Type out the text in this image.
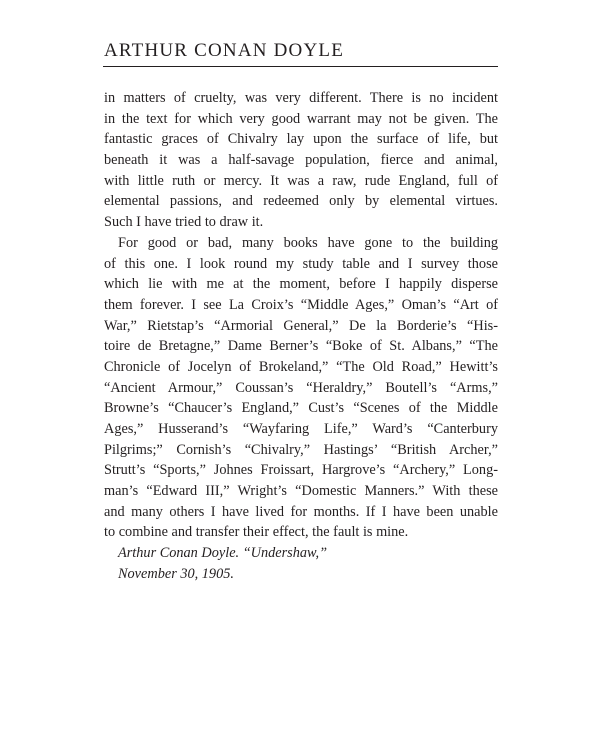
ARTHUR CONAN DOYLE
in matters of cruelty, was very different. There is no incident
in the text for which very good warrant may not be given. The
fantastic graces of Chivalry lay upon the surface of life, but
beneath it was a half-savage population, fierce and animal,
with little ruth or mercy. It was a raw, rude England, full of
elemental passions, and redeemed only by elemental virtues.
Such I have tried to draw it.
For good or bad, many books have gone to the building
of this one. I look round my study table and I survey those
which lie with me at the moment, before I happily disperse
them forever. I see La Croix’s “Middle Ages,” Oman’s “Art of
War,” Rietstap’s “Armorial General,” De la Borderie’s “His-
toire de Bretagne,” Dame Berner’s “Boke of St. Albans,” “The
Chronicle of Jocelyn of Brokeland,” “The Old Road,” Hewitt’s
“Ancient Armour,” Coussan’s “Heraldry,” Boutell’s “Arms,”
Browne’s “Chaucer’s England,” Cust’s “Scenes of the Middle
Ages,” Husserand’s “Wayfaring Life,” Ward’s “Canterbury
Pilgrims;” Cornish’s “Chivalry,” Hastings’ “British Archer,”
Strutt’s “Sports,” Johnes Froissart, Hargrove’s “Archery,” Long-
man’s “Edward III,” Wright’s “Domestic Manners.” With these
and many others I have lived for months. If I have been unable
to combine and transfer their effect, the fault is mine.
Arthur Conan Doyle. “Undershaw,”
November 30, 1905.
